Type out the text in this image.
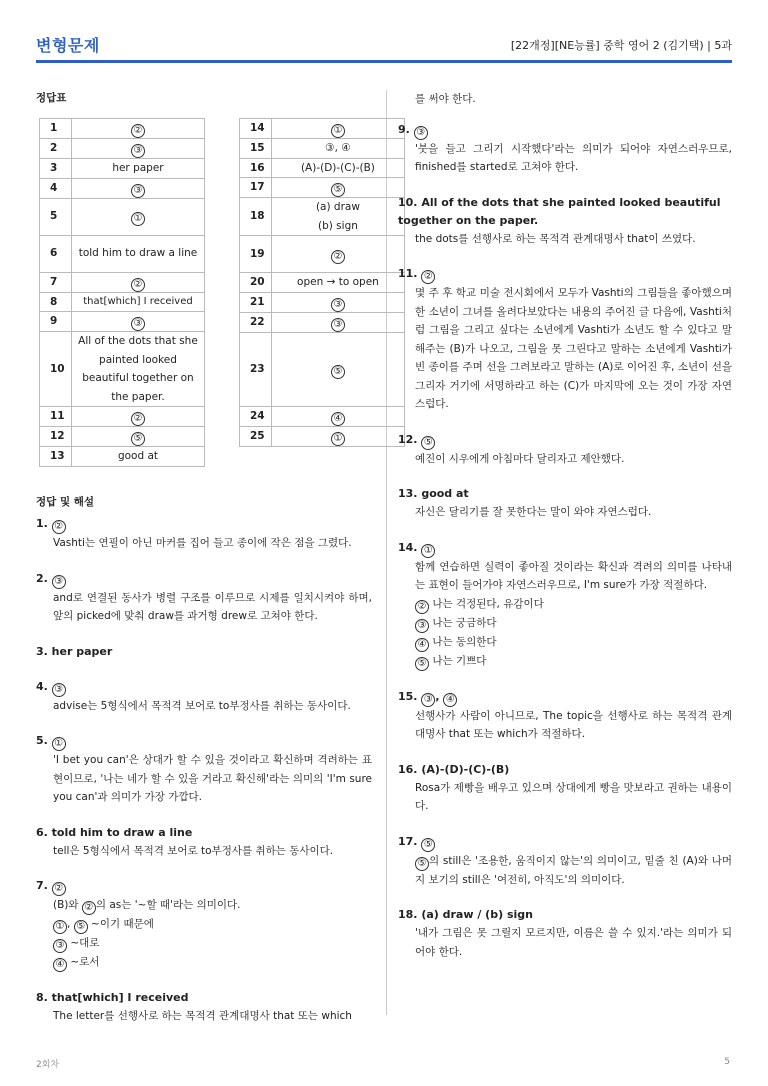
변형문제	[22개정][NE능률] 중학 영어 2 (김기택) | 5과
정답표
1	②
2	③
3	her paper
4	③
5	①
6	told him to draw a line
7	②
8	that[which] I received
9	③
10	All of the dots that she painted looked beautiful together on the paper.
11	②
12	⑤
13	good at
14	①
15	③, ④
16	(A)-(D)-(C)-(B)
17	⑤
18	(a) draw (b) sign
19	②
20	open → to open
21	③
22	③
23	⑤
24	④
25	①
정답 및 해설
1. ②
Vashti는 연필이 아닌 마커를 집어 들고 종이에 작은 점을 그렸다.
2. ③
and로 연결된 동사가 병렬 구조를 이루므로 시제를 일치시켜야 하며, 앞의 picked에 맞춰 draw를 과거형 drew로 고쳐야 한다.
3. her paper
4. ③
advise는 5형식에서 목적격 보어로 to부정사를 취하는 동사이다.
5. ①
'I bet you can'은 상대가 할 수 있을 것이라고 확신하며 격려하는 표현이므로, '나는 네가 할 수 있을 거라고 확신해'라는 의미의 'I'm sure you can'과 의미가 가장 가깝다.
6. told him to draw a line
tell은 5형식에서 목적격 보어로 to부정사를 취하는 동사이다.
7. ②
(B)와 ② 의 as는 '~할 때'라는 의미이다.
① , ⑤ ~이기 때문에
③ ~대로
④ ~로서
8. that[which] I received
The letter를 선행사로 하는 목적격 관계대명사 that 또는 which
를 써야 한다.
9. ③
'붓을 들고 그리기 시작했다'라는 의미가 되어야 자연스러우므로, finished를 started로 고쳐야 한다.
10. All of the dots that she painted looked beautiful together on the paper.
the dots를 선행사로 하는 목적격 관계대명사 that이 쓰였다.
11. ②
몇 주 후 학교 미술 전시회에서 모두가 Vashti의 그림들을 좋아했으며 한 소년이 그녀를 올려다보았다는 내용의 주어진 글 다음에, Vashti처럼 그림을 그리고 싶다는 소년에게 Vashti가 소년도 할 수 있다고 말해주는 (B)가 나오고, 그림을 못 그린다고 말하는 소년에게 Vashti가 빈 종이를 주며 선을 그려보라고 말하는 (A)로 이어진 후, 소년이 선을 그리자 거기에 서명하라고 하는 (C)가 마지막에 오는 것이 가장 자연스럽다.
12. ⑤
예진이 시우에게 아침마다 달리자고 제안했다.
13. good at
자신은 달리기를 잘 못한다는 말이 와야 자연스럽다.
14. ①
함께 연습하면 실력이 좋아질 것이라는 확신과 격려의 의미를 나타내는 표현이 들어가야 자연스러우므로, I'm sure가 가장 적절하다.
② 나는 걱정된다, 유감이다
③ 나는 궁금하다
④ 나는 동의한다
⑤ 나는 기쁘다
15. ③ , ④
선행사가 사람이 아니므로, The topic을 선행사로 하는 목적격 관계대명사 that 또는 which가 적절하다.
16. (A)-(D)-(C)-(B)
Rosa가 제빵을 배우고 있으며 상대에게 빵을 맛보라고 권하는 내용이다.
17. ⑤
⑤ 의 still은 '조용한, 움직이지 않는'의 의미이고, 밑줄 친 (A)와 나머지 보기의 still은 '여전히, 아직도'의 의미이다.
18. (a) draw / (b) sign
'내가 그림은 못 그릴지 모르지만, 이름은 쓸 수 있지.'라는 의미가 되어야 한다.
2회차	5
